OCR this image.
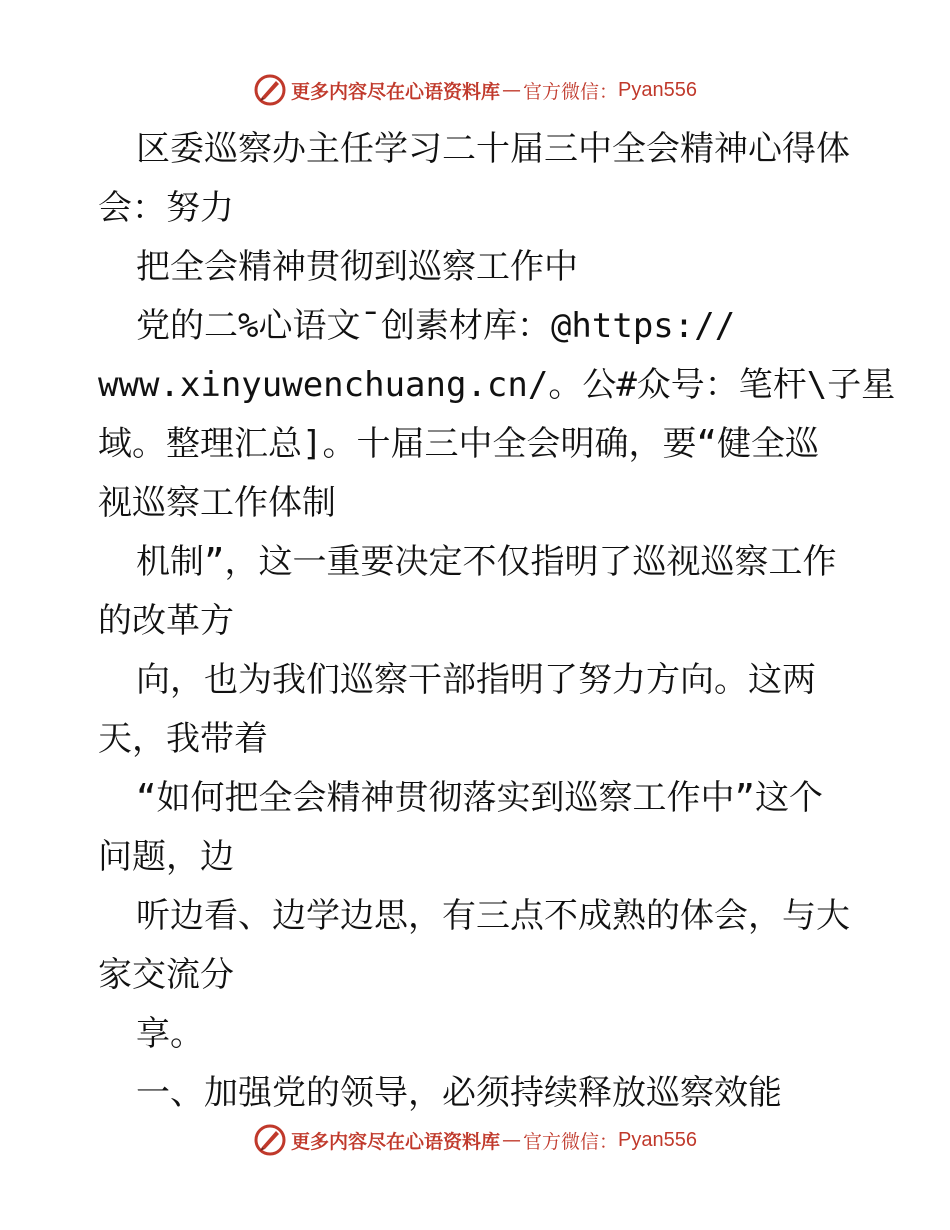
更多内容尽在心语资料库 — 官方微信： Pyan556
区委巡察办主任学习二十届三中全会精神心得体
会：努力
把全会精神贯彻到巡察工作中
党的二%心语文¯创素材库：@https://
www.xinyuwenchuang.cn/。公#众号：笔杆\子星
域。整理汇总]。十届三中全会明确，要“健全巡
视巡察工作体制
机制”，这一重要决定不仅指明了巡视巡察工作
的改革方
向，也为我们巡察干部指明了努力方向。这两
天，我带着
“如何把全会精神贯彻落实到巡察工作中”这个
问题，边
听边看、边学边思，有三点不成熟的体会，与大
家交流分
享。
一、加强党的领导，必须持续释放巡察效能
更多内容尽在心语资料库 — 官方微信： Pyan556
